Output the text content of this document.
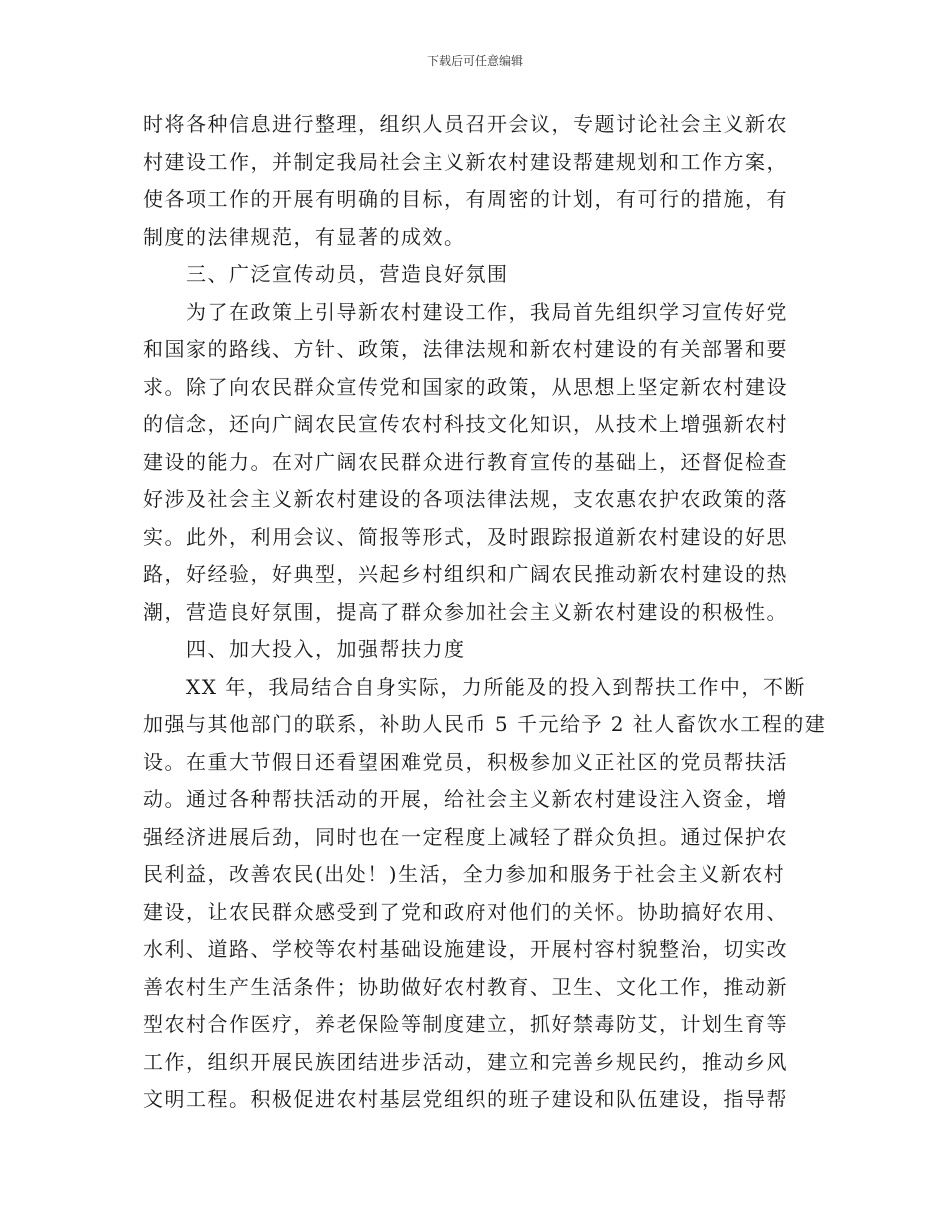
下载后可任意编辑
时将各种信息进行整理，组织人员召开会议，专题讨论社会主义新农
村建设工作，并制定我局社会主义新农村建设帮建规划和工作方案，
使各项工作的开展有明确的目标，有周密的计划，有可行的措施，有
制度的法律规范，有显著的成效。
三、广泛宣传动员，营造良好氛围
为了在政策上引导新农村建设工作，我局首先组织学习宣传好党
和国家的路线、方针、政策，法律法规和新农村建设的有关部署和要
求。除了向农民群众宣传党和国家的政策，从思想上坚定新农村建设
的信念，还向广阔农民宣传农村科技文化知识，从技术上增强新农村
建设的能力。在对广阔农民群众进行教育宣传的基础上，还督促检查
好涉及社会主义新农村建设的各项法律法规，支农惠农护农政策的落
实。此外，利用会议、简报等形式，及时跟踪报道新农村建设的好思
路，好经验，好典型，兴起乡村组织和广阔农民推动新农村建设的热
潮，营造良好氛围，提高了群众参加社会主义新农村建设的积极性。
四、加大投入，加强帮扶力度
XX 年，我局结合自身实际，力所能及的投入到帮扶工作中，不断
加强与其他部门的联系，补助人民币 5 千元给予 2 社人畜饮水工程的建
设。在重大节假日还看望困难党员，积极参加义正社区的党员帮扶活
动。通过各种帮扶活动的开展，给社会主义新农村建设注入资金，增
强经济进展后劲，同时也在一定程度上减轻了群众负担。通过保护农
民利益，改善农民(出处！)生活，全力参加和服务于社会主义新农村
建设，让农民群众感受到了党和政府对他们的关怀。协助搞好农用、
水利、道路、学校等农村基础设施建设，开展村容村貌整治，切实改
善农村生产生活条件；协助做好农村教育、卫生、文化工作，推动新
型农村合作医疗，养老保险等制度建立，抓好禁毒防艾，计划生育等
工作，组织开展民族团结进步活动，建立和完善乡规民约，推动乡风
文明工程。积极促进农村基层党组织的班子建设和队伍建设，指导帮
